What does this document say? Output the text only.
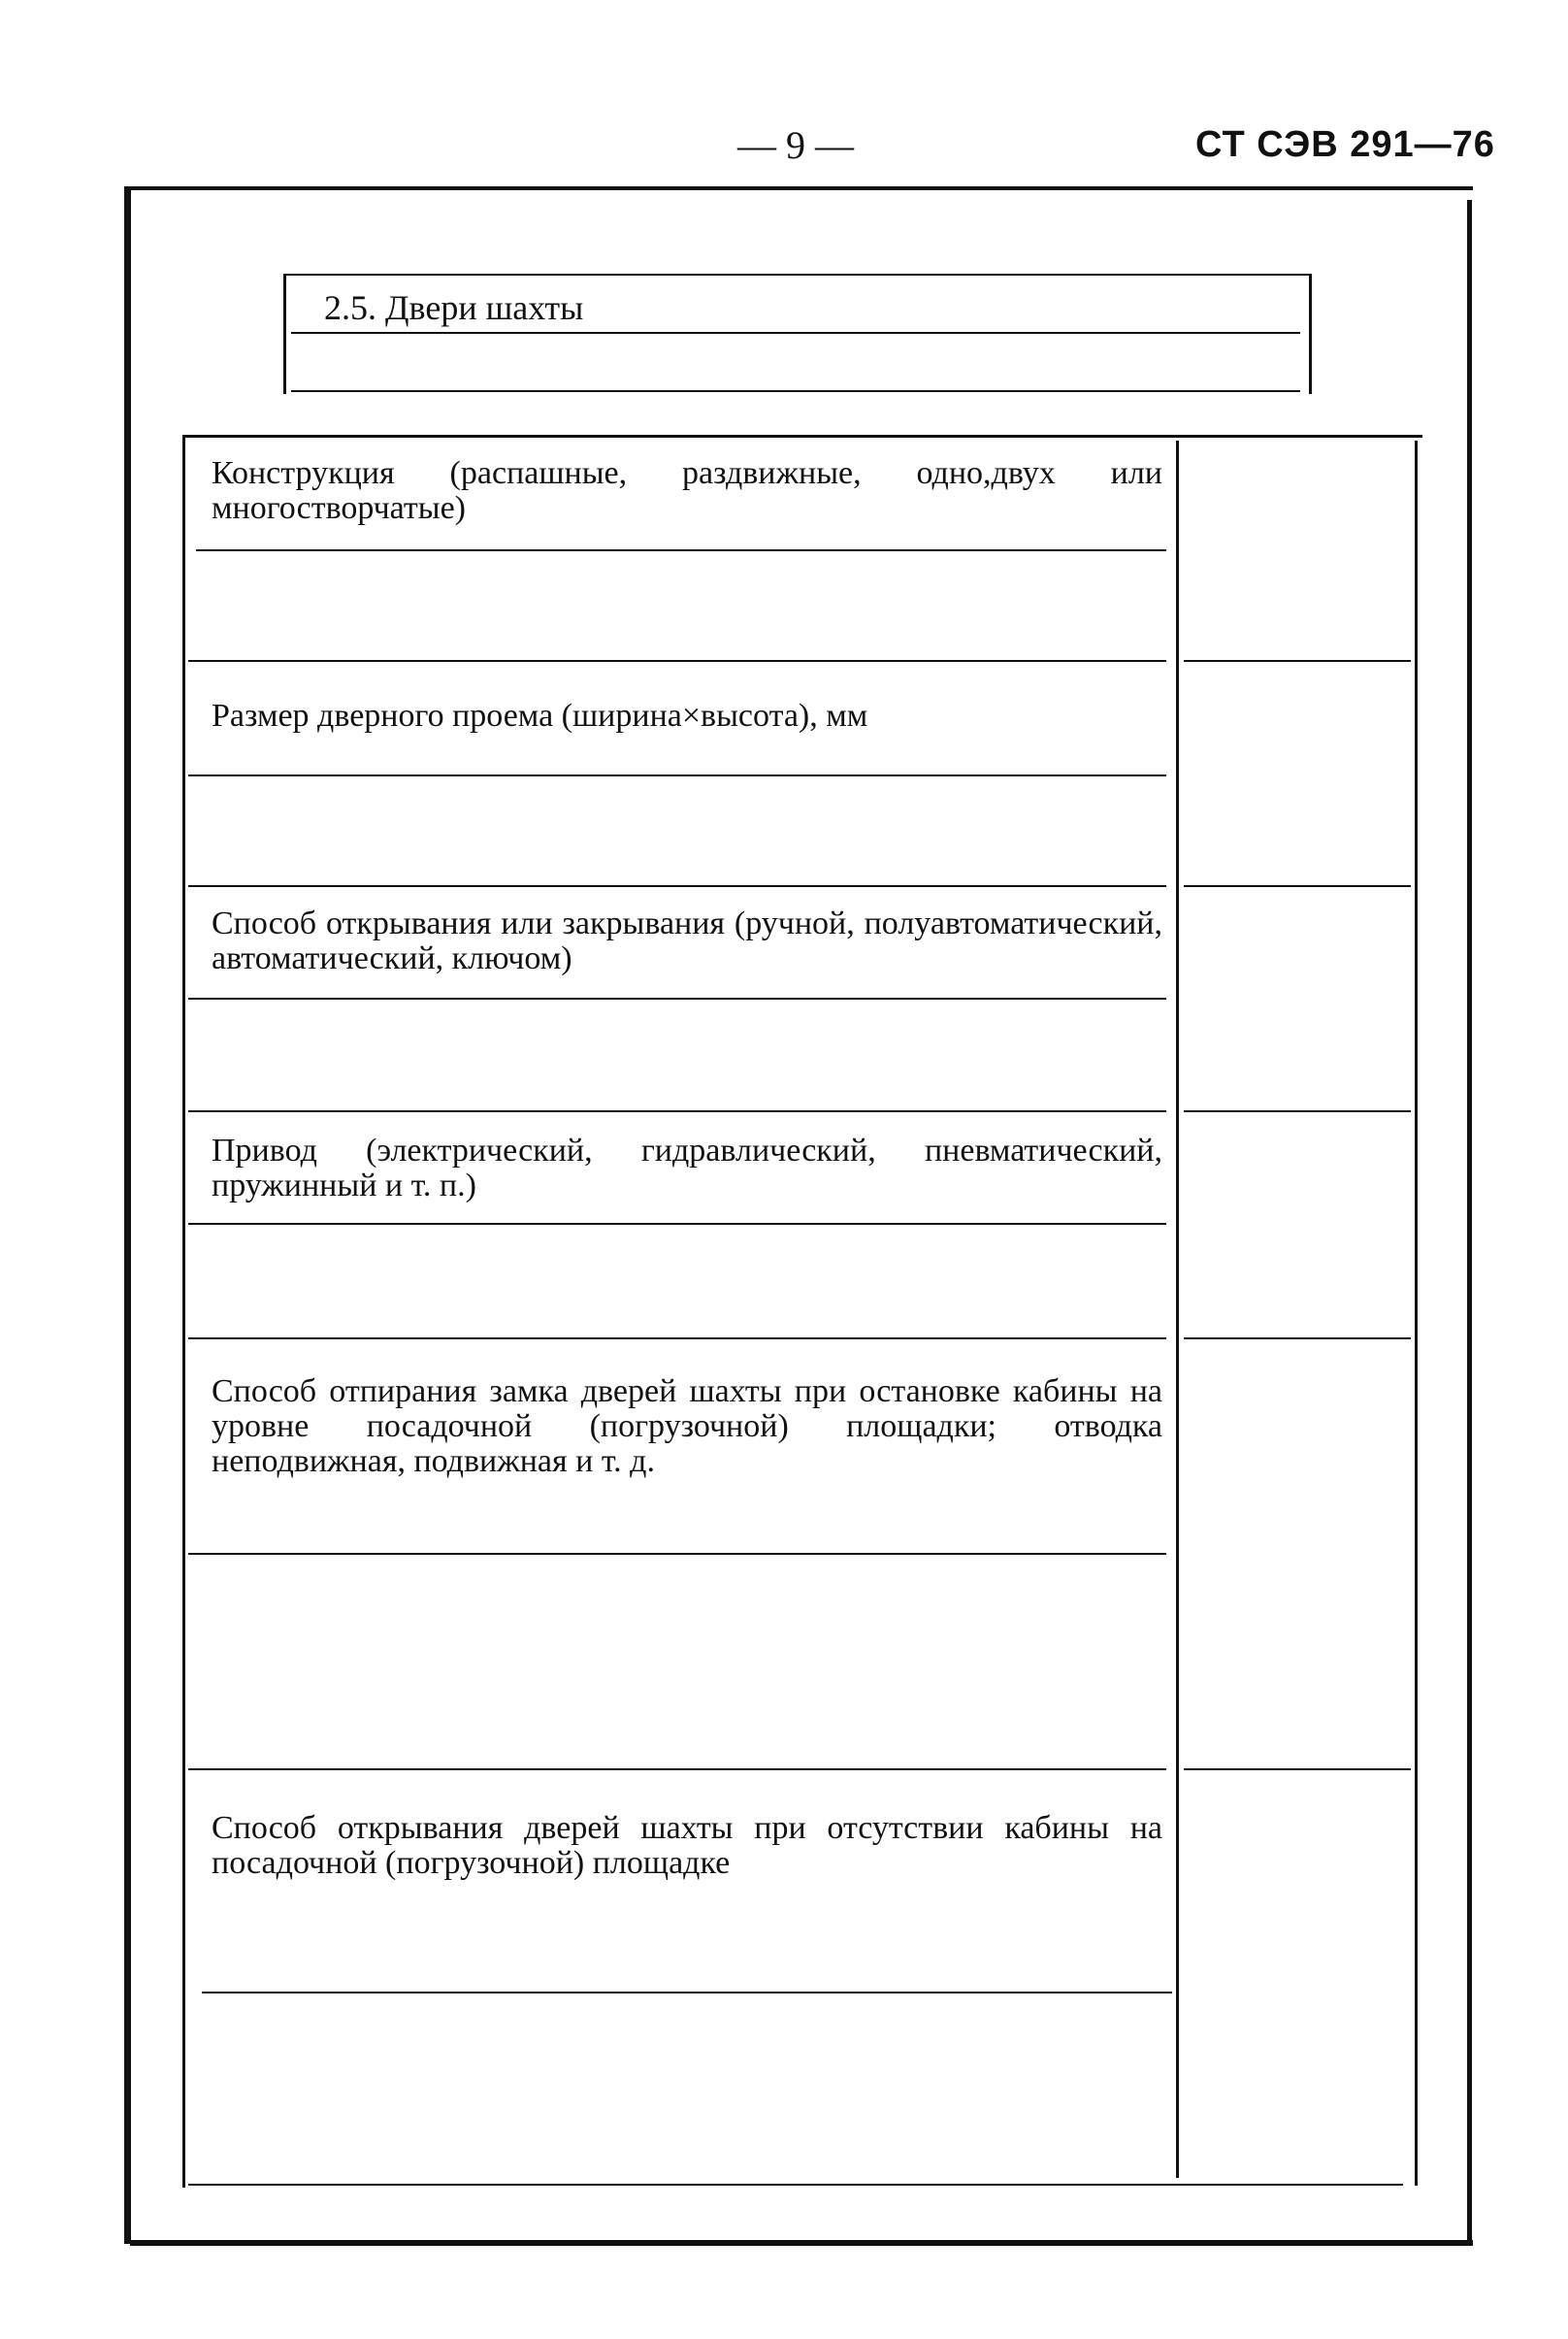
— 9 —	СТ СЭВ 291—76
2.5. Двери шахты
Конструкция (распашные, раздвижные, одно,двух или многостворчатые)
Размер дверного проема (ширина×высота), мм
Способ открывания или закрывания (ручной, полуавтоматический, автоматический, ключом)
Привод (электрический, гидравлический, пневматический, пружинный и т. п.)
Способ отпирания замка дверей шахты при остановке кабины на уровне посадочной (погрузочной) площадки; отводка неподвижная, подвижная и т. д.
Способ открывания дверей шахты при отсутствии кабины на посадочной (погрузочной) площадке
